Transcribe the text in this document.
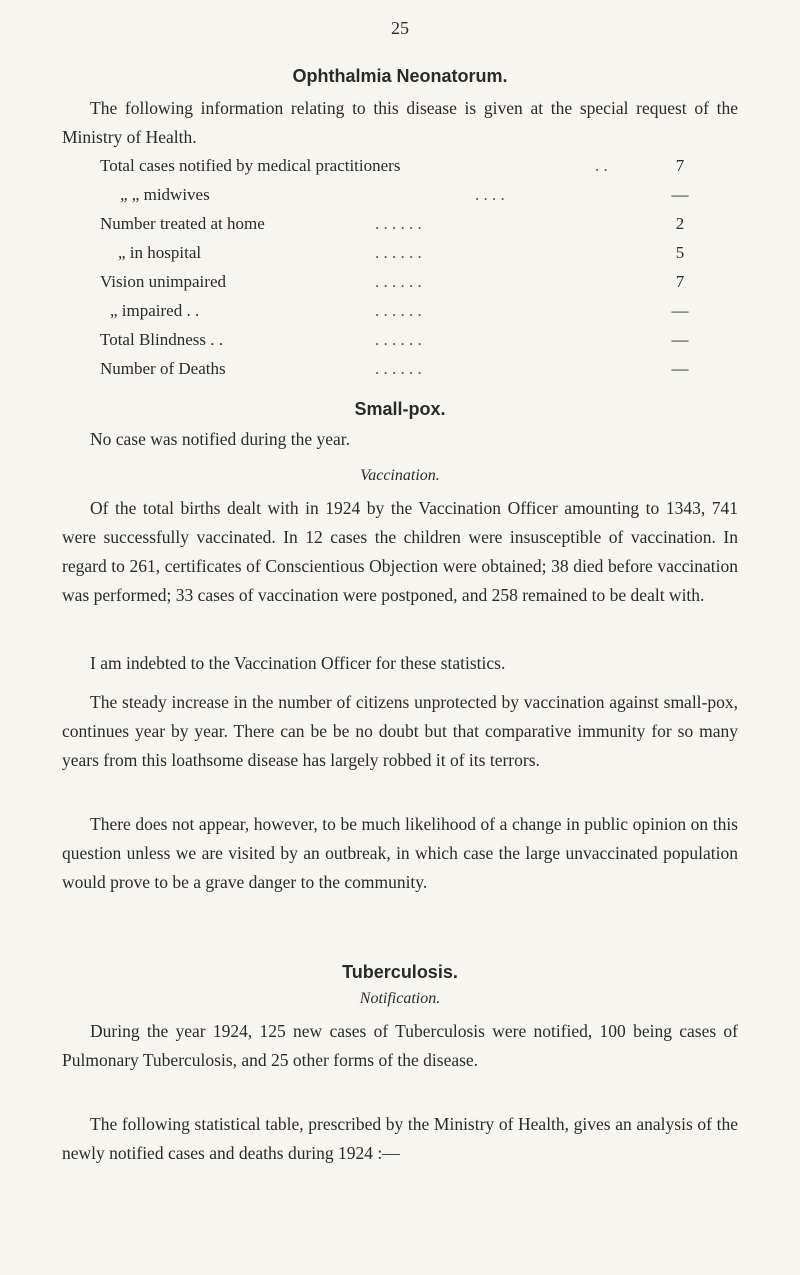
25
Ophthalmia Neonatorum.

The following information relating to this disease is given at the special request of the Ministry of Health.

Total cases notified by medical practitioners	. .	7
„ „ midwives	. . . .	—
Number treated at home	. . . . . .	2
„ in hospital	. . . . . .	5
Vision unimpaired	. . . . . .	7
„ impaired . .	. . . . . .	—
Total Blindness . .	. . . . . .	—
Number of Deaths	. . . . . .	—
Small-pox.

No case was notified during the year.

Vaccination.

Of the total births dealt with in 1924 by the Vaccination Officer amounting to 1343, 741 were successfully vaccinated. In 12 cases the children were insusceptible of vaccination. In regard to 261, certificates of Conscientious Objection were obtained; 38 died before vaccination was performed; 33 cases of vaccination were postponed, and 258 remained to be dealt with.

I am indebted to the Vaccination Officer for these statistics.

The steady increase in the number of citizens unprotected by vaccination against small-pox, continues year by year. There can be be no doubt but that comparative immunity for so many years from this loathsome disease has largely robbed it of its terrors.

There does not appear, however, to be much likelihood of a change in public opinion on this question unless we are visited by an outbreak, in which case the large unvaccinated population would prove to be a grave danger to the community.

Tuberculosis.
Notification.

During the year 1924, 125 new cases of Tuberculosis were notified, 100 being cases of Pulmonary Tuberculosis, and 25 other forms of the disease.

The following statistical table, prescribed by the Ministry of Health, gives an analysis of the newly notified cases and deaths during 1924 :—
